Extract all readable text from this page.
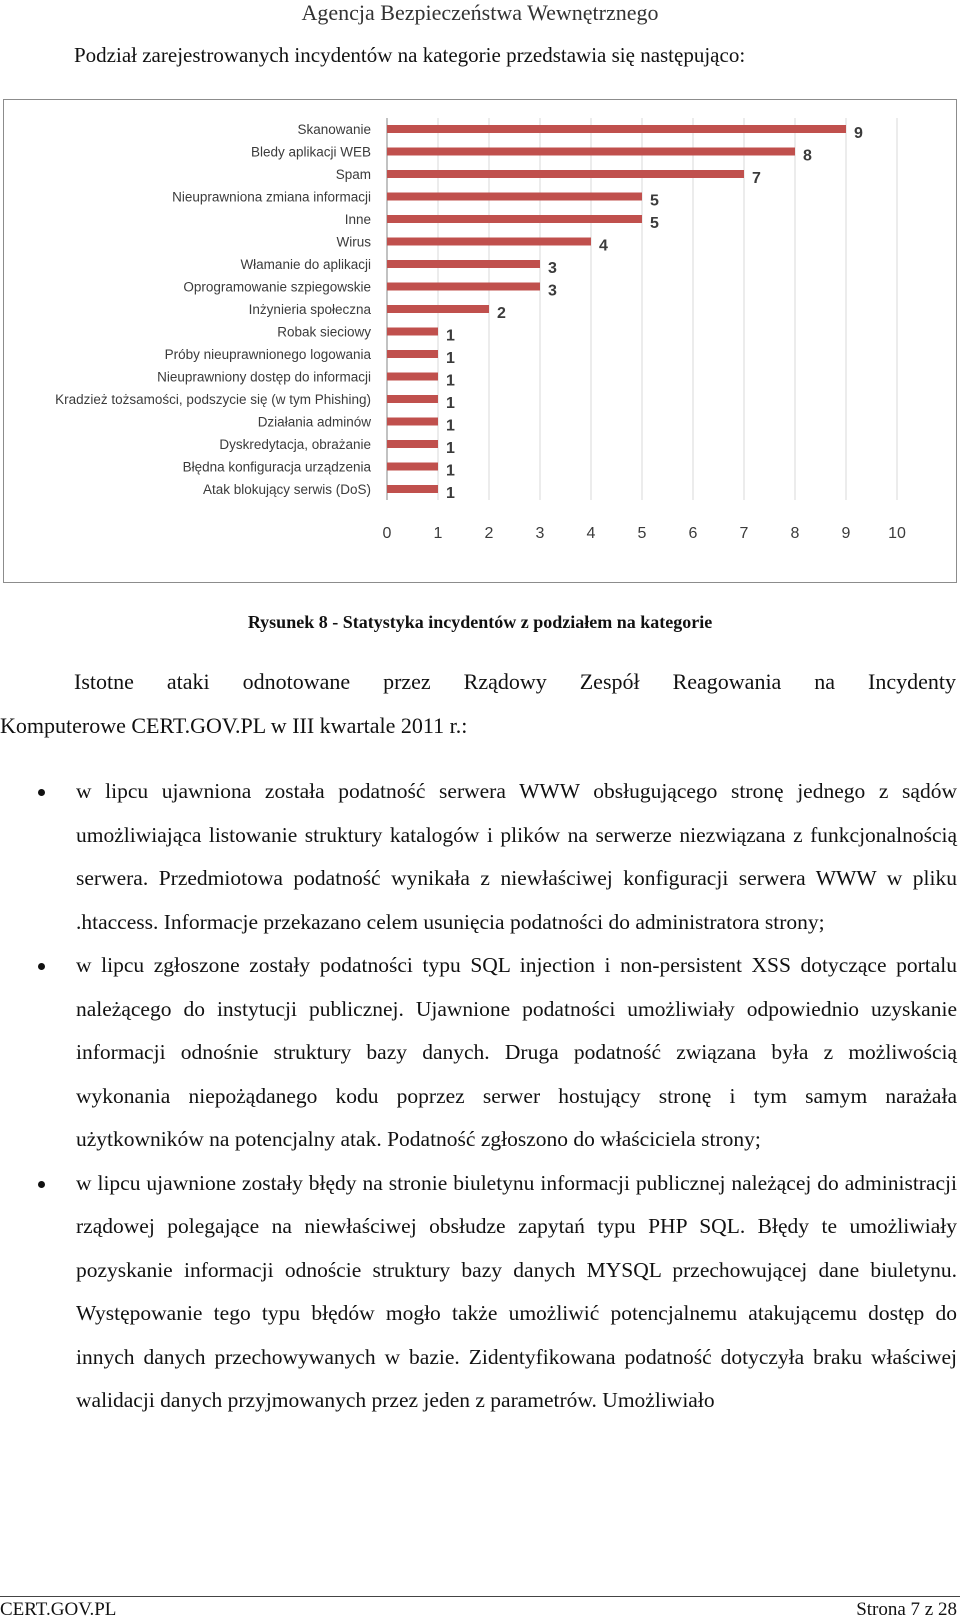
Agencja Bezpieczeństwa Wewnętrznego
Podział zarejestrowanych incydentów na kategorie przedstawia się następująco:
Skanowanie	9
Bledy aplikacji WEB	8
Spam	7
Nieuprawniona zmiana informacji	5
Inne	5
Wirus	4
Włamanie do aplikacji	3
Oprogramowanie szpiegowskie	3
Inżynieria społeczna	2
Robak sieciowy	1
Próby nieuprawnionego logowania	1
Nieuprawniony dostęp do informacji	1
Kradzież tożsamości, podszycie się (w tym Phishing)	1
Działania adminów	1
Dyskredytacja, obrażanie	1
Błędna konfiguracja urządzenia	1
Atak blokujący serwis (DoS)	1
0	1	2	3	4	5	6	7	8	9 10
Rysunek 8 - Statystyka incydentów z podziałem na kategorie
Istotne ataki odnotowane przez Rządowy Zespół Reagowania na Incydenty
Komputerowe CERT.GOV.PL w III kwartale 2011 r.:
w lipcu ujawniona została podatność serwera WWW obsługującego stronę jednego z sądów umożliwiająca listowanie struktury katalogów i plików na serwerze niezwiązana z funkcjonalnością serwera. Przedmiotowa podatność wynikała z niewłaściwej konfiguracji serwera WWW w pliku .htaccess. Informacje przekazano celem usunięcia podatności do administratora strony;
w lipcu zgłoszone zostały podatności typu SQL injection i non-persistent XSS dotyczące portalu należącego do instytucji publicznej. Ujawnione podatności umożliwiały odpowiednio uzyskanie informacji odnośnie struktury bazy danych. Druga podatność związana była z możliwością wykonania niepożądanego kodu poprzez serwer hostujący stronę i tym samym narażała użytkowników na potencjalny atak. Podatność zgłoszono do właściciela strony;
w lipcu ujawnione zostały błędy na stronie biuletynu informacji publicznej należącej do administracji rządowej polegające na niewłaściwej obsłudze zapytań typu PHP SQL. Błędy te umożliwiały pozyskanie informacji odnoście struktury bazy danych MYSQL przechowującej dane biuletynu. Występowanie tego typu błędów mogło także umożliwić potencjalnemu atakującemu dostęp do innych danych przechowywanych w bazie. Zidentyfikowana podatność dotyczyła braku właściwej walidacji danych przyjmowanych przez jeden z parametrów. Umożliwiało
CERT.GOV.PL	Strona 7 z 28
